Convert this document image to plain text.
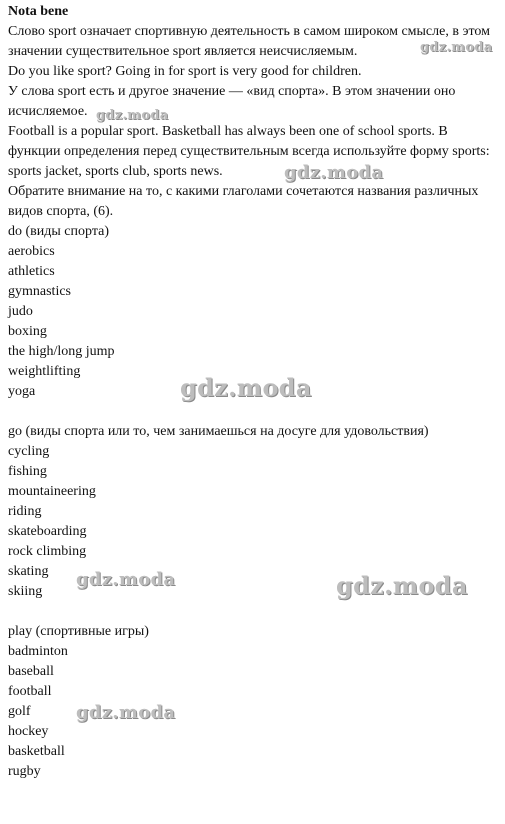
Nota bene
Слово sport означает спортивную деятельность в самом широком смысле, в этом значении существительное sport является неисчисляемым.
Do you like sport? Going in for sport is very good for children.
У слова sport есть и другое значение — «вид спорта». В этом значении оно исчисляемое.
Football is a popular sport. Basketball has always been one of school sports. В функции определения перед существительным всегда используйте форму sports: sports jacket, sports club, sports news.
Обратите внимание на то, с какими глаголами сочетаются названия различных видов спорта, (6).
do (виды спорта)
aerobics
athletics
gymnastics
judo
boxing
the high/long jump
weightlifting
yoga
go (виды спорта или то, чем занимаешься на досуге для удовольствия)
cycling
fishing
mountaineering
riding
skateboarding
rock climbing
skating
skiing
play (спортивные игры)
badminton
baseball
football
golf
hockey
basketball
rugby
gdz.moda
gdz.moda
gdz.moda
gdz.moda
gdz.moda	gdz.moda
gdz.moda
